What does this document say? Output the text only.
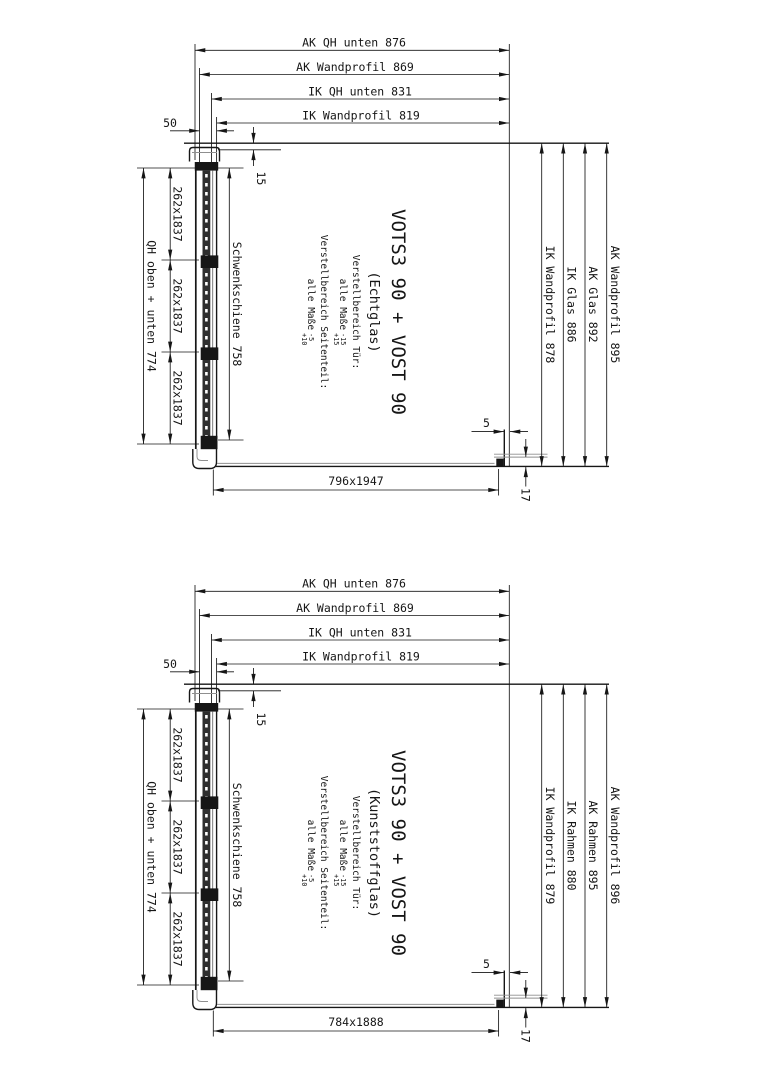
AK QH unten 876
AK Wandprofil 869
IK QH unten 831
IK Wandprofil 819
50
15
QH oben + unten 774
262x1837
262x1837
262x1837
Schwenkschiene 758
5
17
796x1947
IK Wandprofil 878 IK Glas 886 AK Glas 892 AK Wandprofil 895
VOTS3 90 + VOST 90
(Echtglas)
Verstellbereich Tür:
alle Maße
-15
+15
Verstellbereich Seitenteil:
alle Maße
-5
+10
AK QH unten 876
AK Wandprofil 869
IK QH unten 831
IK Wandprofil 819
50
15
QH oben + unten 774
262x1837
262x1837
262x1837
Schwenkschiene 758
5
17
784x1888
IK Wandprofil 879 IK Rahmen 880 AK Rahmen 895 AK Wandprofil 896
VOTS3 90 + VOST 90
(Kunststoffglas)
Verstellbereich Tür:
alle Maße
-15
+15
Verstellbereich Seitenteil:
alle Maße
-5
+10
